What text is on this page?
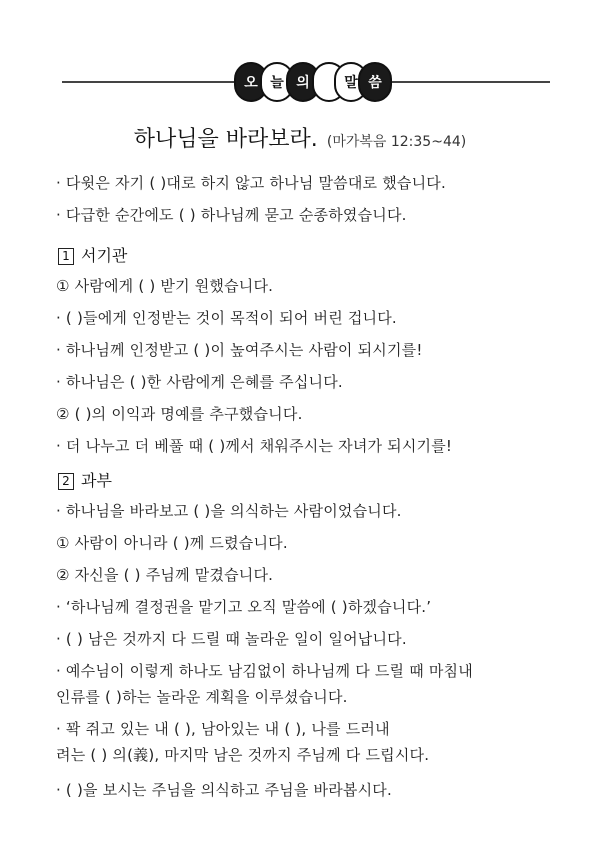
오 늘 의	말 씀
하나님을 바라보라. (마가복음 12:35~44)
· 다윗은 자기 ( )대로 하지 않고 하나님 말씀대로 했습니다.
· 다급한 순간에도 ( ) 하나님께 묻고 순종하였습니다.
1 서기관
① 사람에게 ( ) 받기 원했습니다.
· ( )들에게 인정받는 것이 목적이 되어 버린 겁니다.
· 하나님께 인정받고 ( )이 높여주시는 사람이 되시기를!
· 하나님은 ( )한 사람에게 은혜를 주십니다.
② ( )의 이익과 명예를 추구했습니다.
· 더 나누고 더 베풀 때 ( )께서 채워주시는 자녀가 되시기를!
2 과부
· 하나님을 바라보고 ( )을 의식하는 사람이었습니다.
① 사람이 아니라 ( )께 드렸습니다.
② 자신을 ( ) 주님께 맡겼습니다.
· ‘하나님께 결정권을 맡기고 오직 말씀에 ( )하겠습니다.’
· ( ) 남은 것까지 다 드릴 때 놀라운 일이 일어납니다.
· 예수님이 이렇게 하나도 남김없이 하나님께 다 드릴 때 마침내
인류를 ( )하는 놀라운 계획을 이루셨습니다.
· 꽉 쥐고 있는 내 ( ), 남아있는 내 ( ), 나를 드러내
려는 ( ) 의(義), 마지막 남은 것까지 주님께 다 드립시다.
· ( )을 보시는 주님을 의식하고 주님을 바라봅시다.
